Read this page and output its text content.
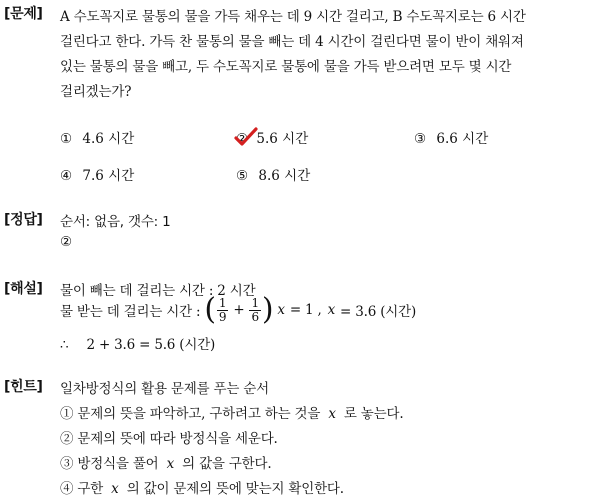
[문제] A 수도꼭지로 물통의 물을 가득 채우는 데 9 시간 걸리고, B 수도꼭지로는 6 시간
걸린다고 한다. 가득 찬 물통의 물을 빼는 데 4 시간이 걸린다면 물이 반이 채워져
있는 물통의 물을 빼고, 두 수도꼭지로 물통에 물을 가득 받으려면 모두 몇 시간
걸리겠는가?
① 4.6 시간	② 5.6 시간	③ 6.6 시간
④ 7.6 시간	⑤ 8.6 시간
[정답] 순서: 없음, 갯수: 1
②
[해설] 물이 빼는 데 걸리는 시간 : 2 시간
물 받는 데 걸리는 시간 : ( $\frac{1}{9} + \frac{1}{6}$ ) x = 1 , x = 3.6 (시간)
∴ 2 + 3.6 = 5.6 (시간)
[힌트] 일차방정식의 활용 문제를 푸는 순서
① 문제의 뜻을 파악하고, 구하려고 하는 것을 x 로 놓는다.
② 문제의 뜻에 따라 방정식을 세운다.
③ 방정식을 풀어 x 의 값을 구한다.
④ 구한 x 의 값이 문제의 뜻에 맞는지 확인한다.
